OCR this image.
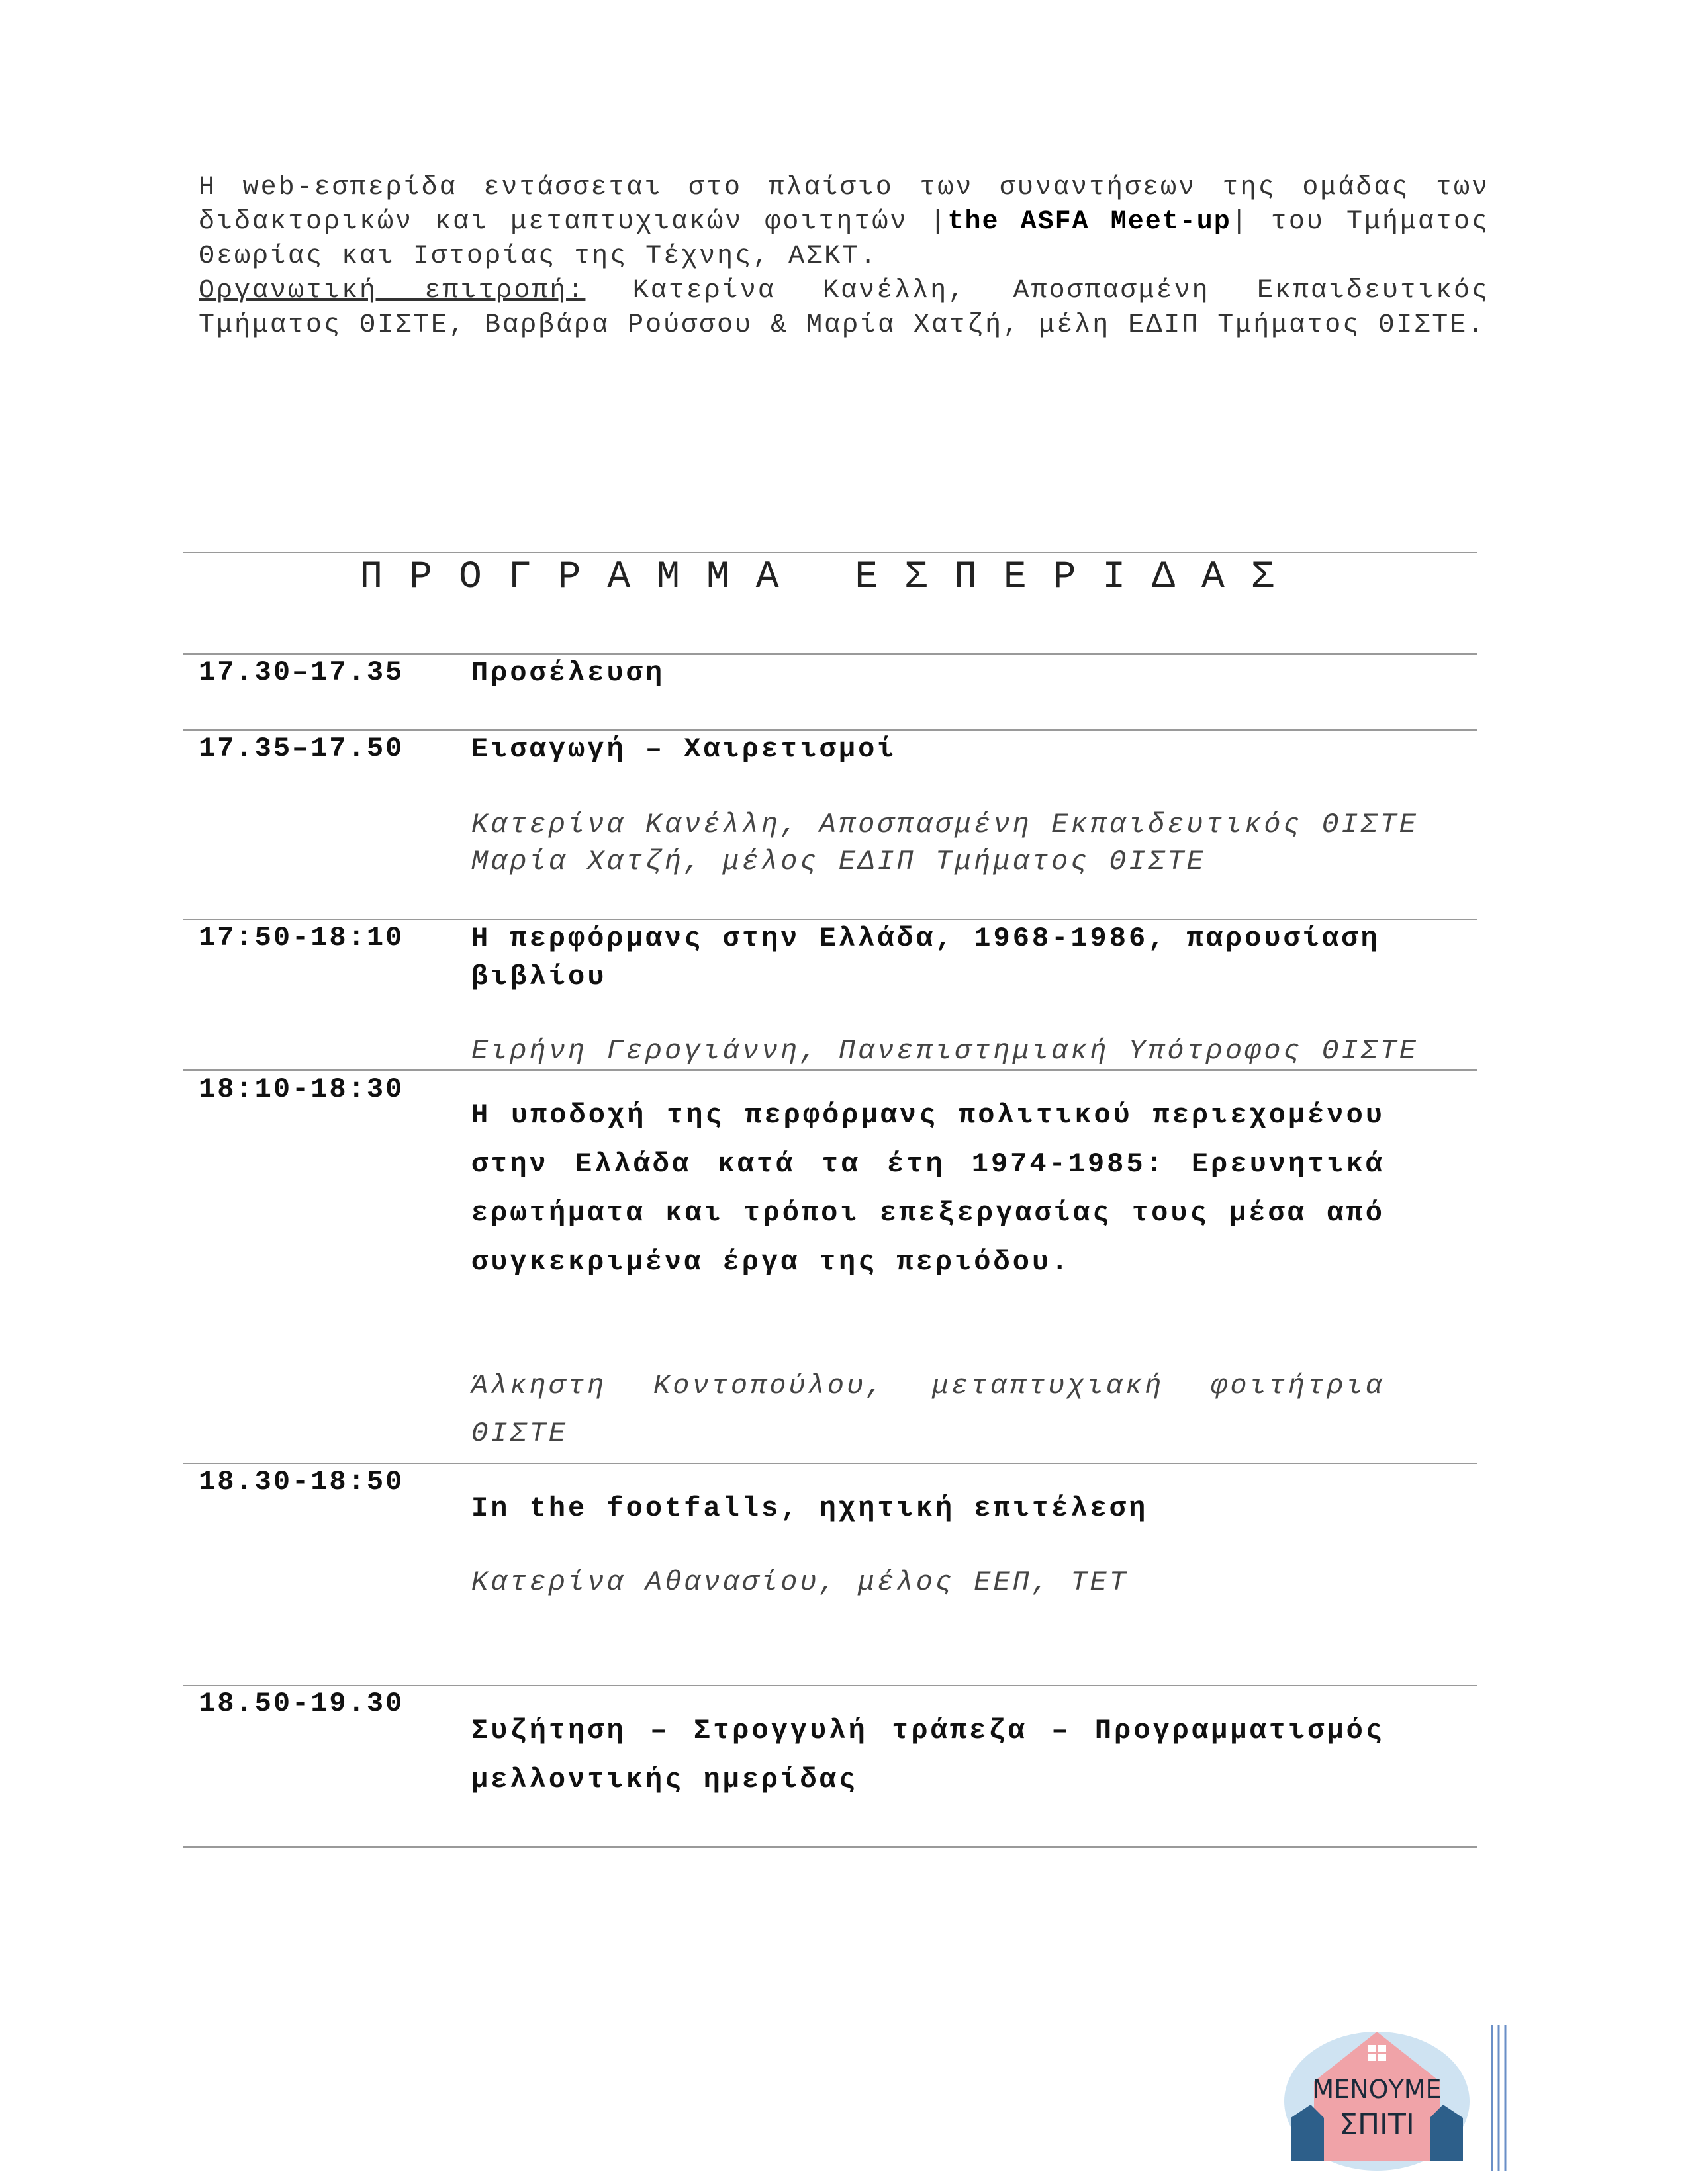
Η web-εσπερίδα εντάσσεται στο πλαίσιο των συναντήσεων της ομάδας των διδακτορικών και μεταπτυχιακών φοιτητών |the ASFA Meet-up| του Τμήματος Θεωρίας και Ιστορίας της Τέχνης, ΑΣΚΤ.

Οργανωτική επιτροπή: Κατερίνα Κανέλλη, Αποσπασμένη Εκπαιδευτικός Τμήματος ΘΙΣΤΕ, Βαρβάρα Ρούσσου & Μαρία Χατζή, μέλη ΕΔΙΠ Τμήματος ΘΙΣΤΕ.

ΠΡΟΓΡΑΜΜΑ ΕΣΠΕΡΙΔΑΣ
17.30–17.35 Προσέλευση
17.35–17.50 Εισαγωγή – Χαιρετισμοί
Κατερίνα Κανέλλη, Αποσπασμένη Εκπαιδευτικός ΘΙΣΤΕ
Μαρία Χατζή, μέλος ΕΔΙΠ Τμήματος ΘΙΣΤΕ
17:50-18:10 Η περφόρμανς στην Ελλάδα, 1968-1986, παρουσίαση βιβλίου
Ειρήνη Γερογιάννη, Πανεπιστημιακή Υπότροφος ΘΙΣΤΕ
18:10-18:30
Η υποδοχή της περφόρμανς πολιτικού περιεχομένου στην Ελλάδα κατά τα έτη 1974-1985: Ερευνητικά ερωτήματα και τρόποι επεξεργασίας τους μέσα από συγκεκριμένα έργα της περιόδου.
Άλκηστη Κοντοπούλου, μεταπτυχιακή φοιτήτρια ΘΙΣΤΕ
18.30-18:50
In the footfalls, ηχητική επιτέλεση
Κατερίνα Αθανασίου, μέλος ΕΕΠ, ΤΕΤ
18.50-19.30
Συζήτηση – Στρογγυλή τράπεζα – Προγραμματισμός μελλοντικής ημερίδας
ΜΕΝΟΥΜΕ
ΣΠΙΤΙ
